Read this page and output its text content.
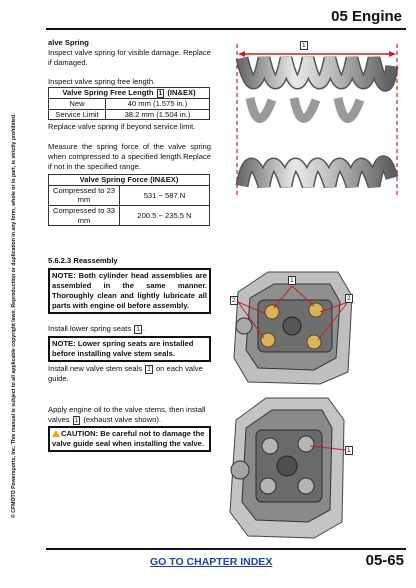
05 Engine
© CFMOTO Powersports, Inc. This manual is subject to all applicable copyright laws. Reproduction or duplication in any form, whole or in part, is strictly prohibited.

alve Spring

Inspect valve spring for visible damage. Replace if damaged.

Inspect valve spring free length.

Valve Spring Free Length 1 (IN&EX)	
New	40 mm (1.575 in.)
Service Limit	38.2 mm (1.504 in.)

Replace valve spring if beyond service limit.

Measure the spring force of the valve spring when compressed to a specified length.Replace if not in the specified range.

Valve Spring Force (IN&EX)	
Compressed to 23 mm	531 ~ 587 N
Compressed to 33 mm	200.5 ~ 235.5 N

5.6.2.3 Reassembly

NOTE: Both cylinder head assemblies are assembled in the same manner. Thoroughly clean and lightly lubricate all parts with engine oil before assembly.

Install lower spring seats 1 .

NOTE: Lower spring seats are installed before installing valve stem seals.

Install new valve stem seals 2 on each valve guide.

Apply engine oil to the valve stems, then install valves 1 (exhaust valve shown).

CAUTION: Be careful not to damage the valve guide seal when installing the valve.
1
1
2	2
1
GO TO CHAPTER INDEX	05-65
